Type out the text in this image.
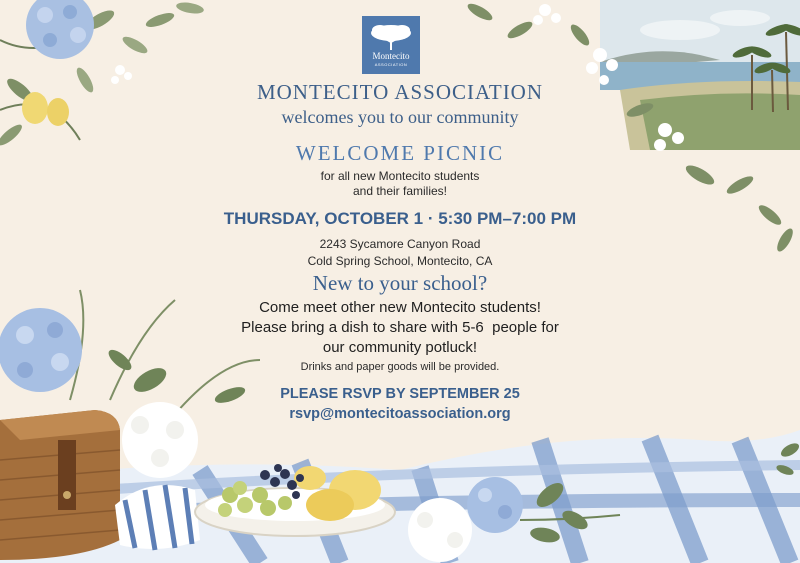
Montecito
ASSOCIATION
MONTECITO ASSOCIATION
welcomes you to our community
WELCOME PICNIC
for all new Montecito students
and their families!
THURSDAY, OCTOBER 1 · 5:30 PM–7:00 PM
2243 Sycamore Canyon Road
Cold Spring School, Montecito, CA
New to your school?
Come meet other new Montecito students!
Please bring a dish to share with 5-6  people for
our community potluck!
Drinks and paper goods will be provided.
PLEASE RSVP BY SEPTEMBER 25
rsvp@montecitoassociation.org
